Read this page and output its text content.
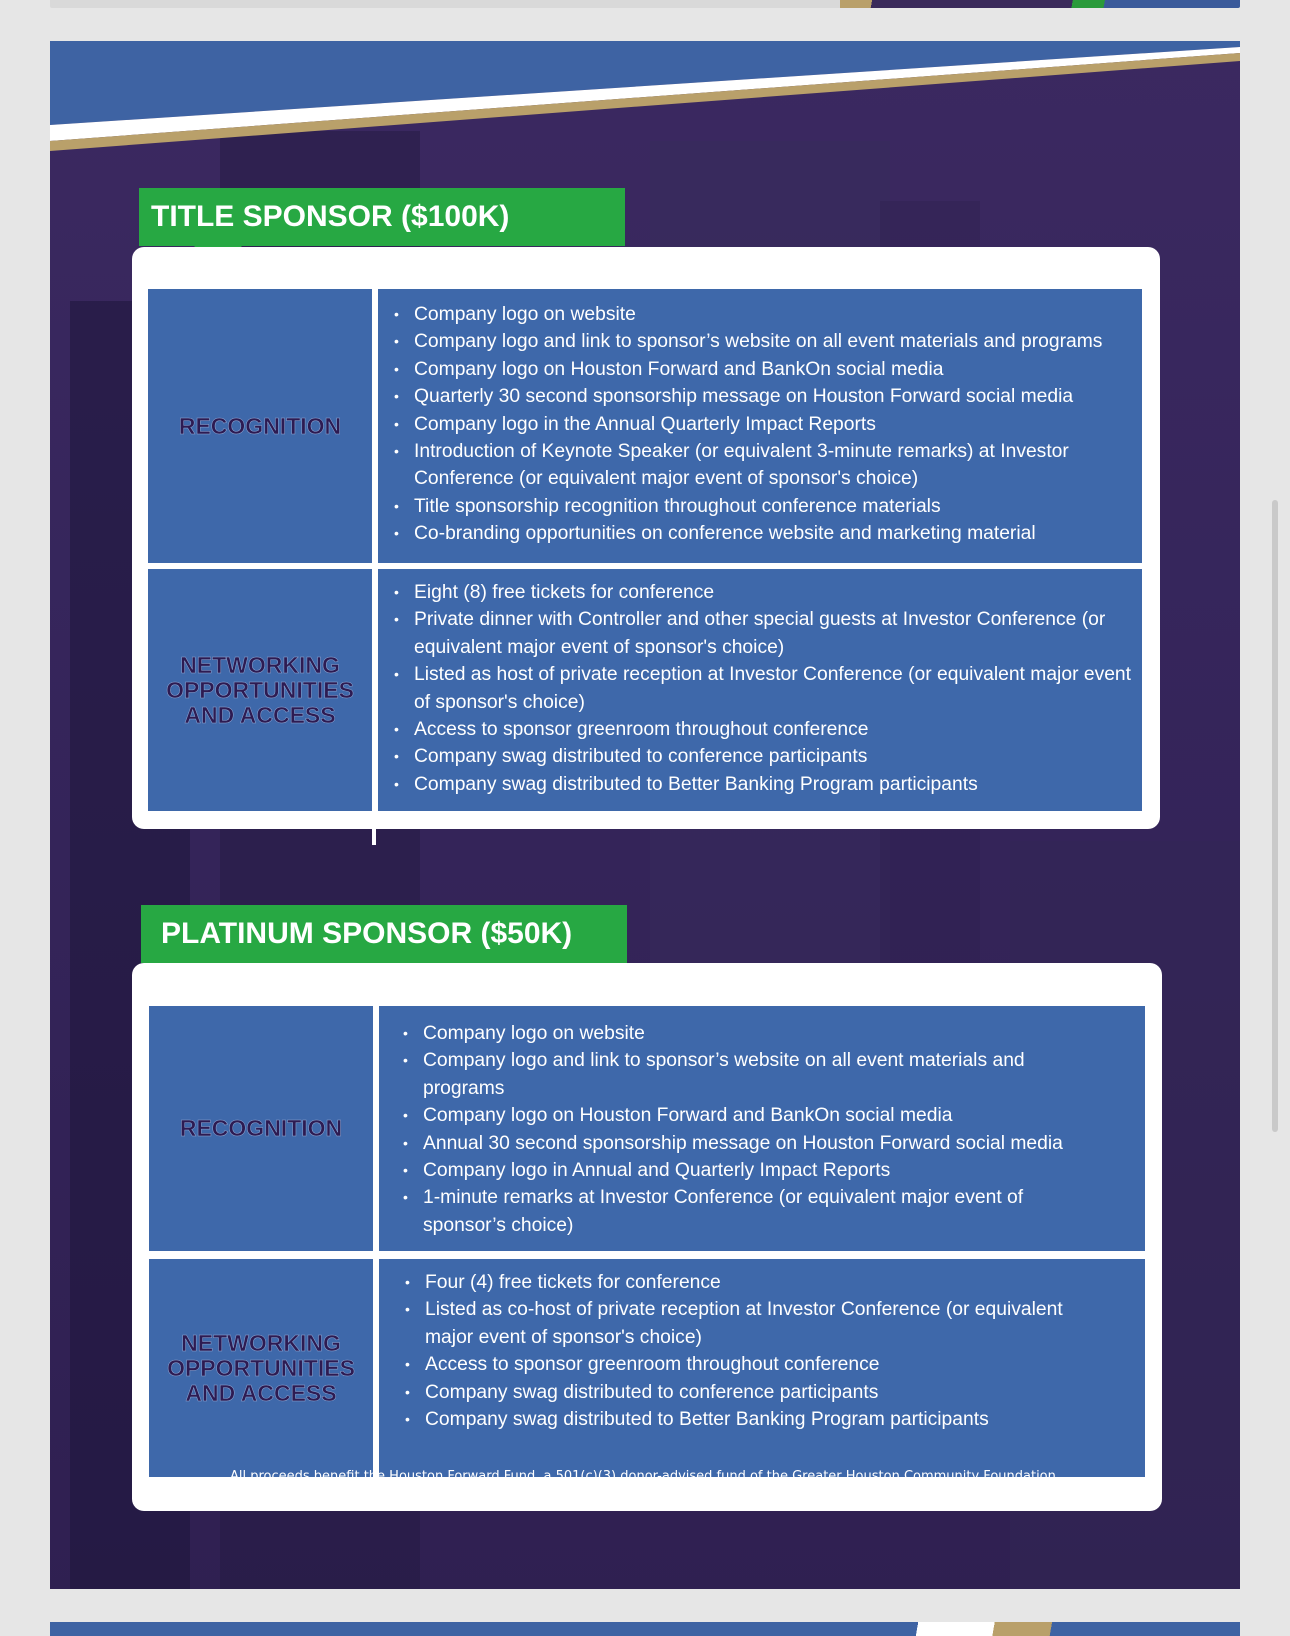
TITLE SPONSOR ($100K)
RECOGNITION
• Company logo on website
• Company logo and link to sponsor’s website on all event materials and programs
• Company logo on Houston Forward and BankOn social media
• Quarterly 30 second sponsorship message on Houston Forward social media
• Company logo in the Annual Quarterly Impact Reports
• Introduction of Keynote Speaker (or equivalent 3-minute remarks) at Investor Conference (or equivalent major event of sponsor's choice)
• Title sponsorship recognition throughout conference materials
• Co-branding opportunities on conference website and marketing material
NETWORKING OPPORTUNITIES AND ACCESS
• Eight (8) free tickets for conference
• Private dinner with Controller and other special guests at Investor Conference (or equivalent major event of sponsor's choice)
• Listed as host of private reception at Investor Conference (or equivalent major event of sponsor's choice)
• Access to sponsor greenroom throughout conference
• Company swag distributed to conference participants
• Company swag distributed to Better Banking Program participants
PLATINUM SPONSOR ($50K)
RECOGNITION
• Company logo on website
• Company logo and link to sponsor’s website on all event materials and programs
• Company logo on Houston Forward and BankOn social media
• Annual 30 second sponsorship message on Houston Forward social media
• Company logo in Annual and Quarterly Impact Reports
• 1-minute remarks at Investor Conference (or equivalent major event of sponsor’s choice)
NETWORKING OPPORTUNITIES AND ACCESS
• Four (4) free tickets for conference
• Listed as co-host of private reception at Investor Conference (or equivalent major event of sponsor's choice)
• Access to sponsor greenroom throughout conference
• Company swag distributed to conference participants
• Company swag distributed to Better Banking Program participants
All proceeds benefit the Houston Forward Fund, a 501(c)(3) donor-advised fund of the Greater Houston Community Foundation.
For more information, visit www.houstonfwd.org.
